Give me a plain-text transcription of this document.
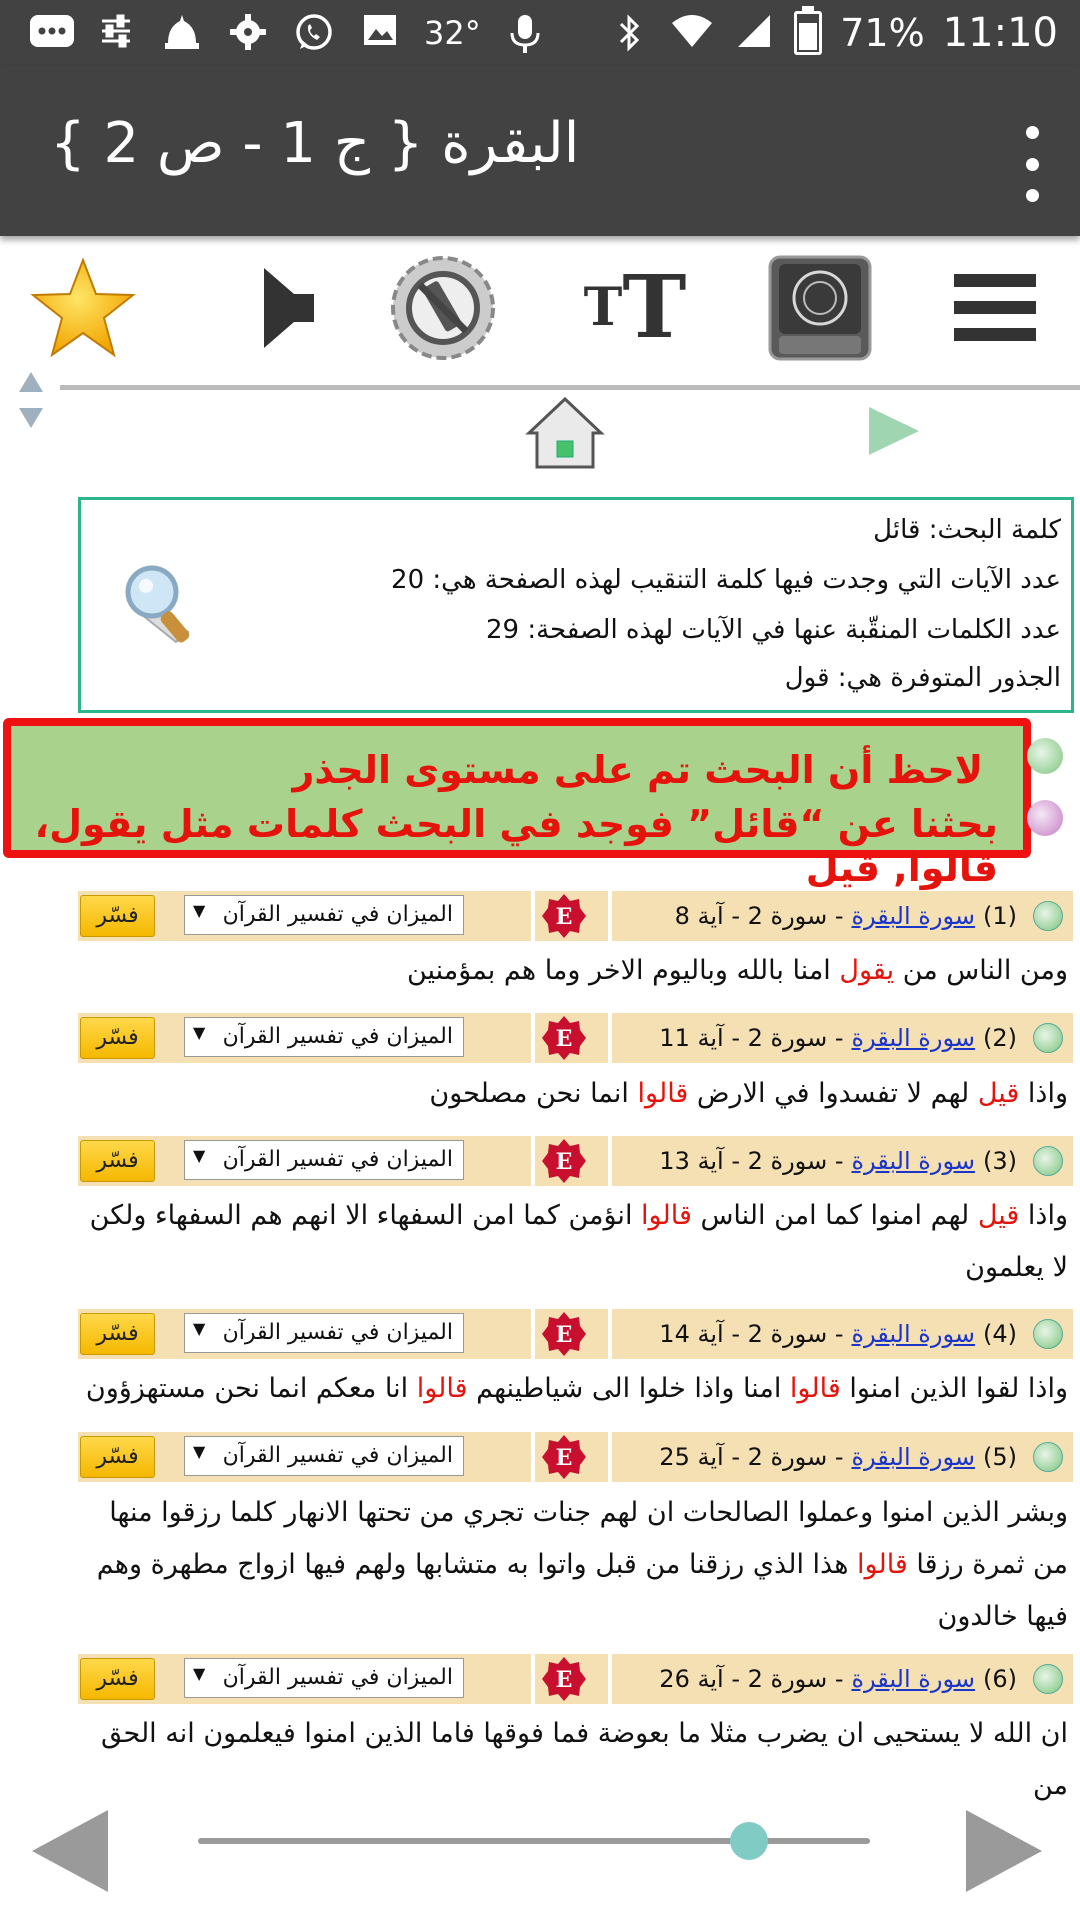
32°	71% 11:10
البقرة { ج 1 - ص 2 }
T T
كلمة البحث: قائل
عدد الآيات التي وجدت فيها كلمة التنقيب لهذه الصفحة هي: 20
عدد الكلمات المنقّبة عنها في الآيات لهذه الصفحة: 29
الجذور المتوفرة هي: قول
لاحظ أن البحث تم على مستوى الجذر
بحثنا عن “قائل” فوجد في البحث كلمات مثل يقول، قالوا, قيل
(1)
سورة البقرة
- سورة 2 - آية 8
E
▼ الميزان في تفسير القرآن
فسّر
ومن الناس من يقول امنا بالله وباليوم الاخر وما هم بمؤمنين
(2)
سورة البقرة
- سورة 2 - آية 11
E
▼ الميزان في تفسير القرآن
فسّر
واذا قيل لهم لا تفسدوا في الارض قالوا انما نحن مصلحون
(3)
سورة البقرة
- سورة 2 - آية 13
E
▼ الميزان في تفسير القرآن
فسّر
واذا قيل لهم امنوا كما امن الناس قالوا انؤمن كما امن السفهاء الا انهم هم السفهاء ولكن لا يعلمون
(4)
سورة البقرة
- سورة 2 - آية 14
E
▼ الميزان في تفسير القرآن
فسّر
واذا لقوا الذين امنوا قالوا امنا واذا خلوا الى شياطينهم قالوا انا معكم انما نحن مستهزؤون
(5)
سورة البقرة
- سورة 2 - آية 25
E
▼ الميزان في تفسير القرآن
فسّر
وبشر الذين امنوا وعملوا الصالحات ان لهم جنات تجري من تحتها الانهار كلما رزقوا منها من ثمرة رزقا قالوا هذا الذي رزقنا من قبل واتوا به متشابها ولهم فيها ازواج مطهرة وهم فيها خالدون
(6)
سورة البقرة
- سورة 2 - آية 26
E
▼ الميزان في تفسير القرآن
فسّر
ان الله لا يستحيى ان يضرب مثلا ما بعوضة فما فوقها فاما الذين امنوا فيعلمون انه الحق من
